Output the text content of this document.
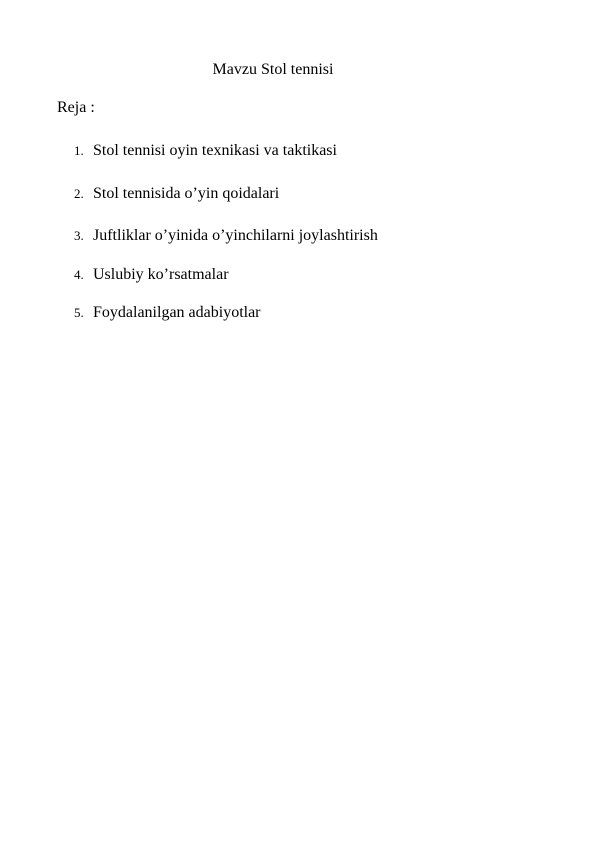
Mavzu Stol tennisi
Reja :
1. Stol tennisi oyin texnikasi va taktikasi
2. Stol tennisida o’yin qoidalari
3. Juftliklar o’yinida o’yinchilarni joylashtirish
4. Uslubiy ko’rsatmalar
5. Foydalanilgan adabiyotlar
